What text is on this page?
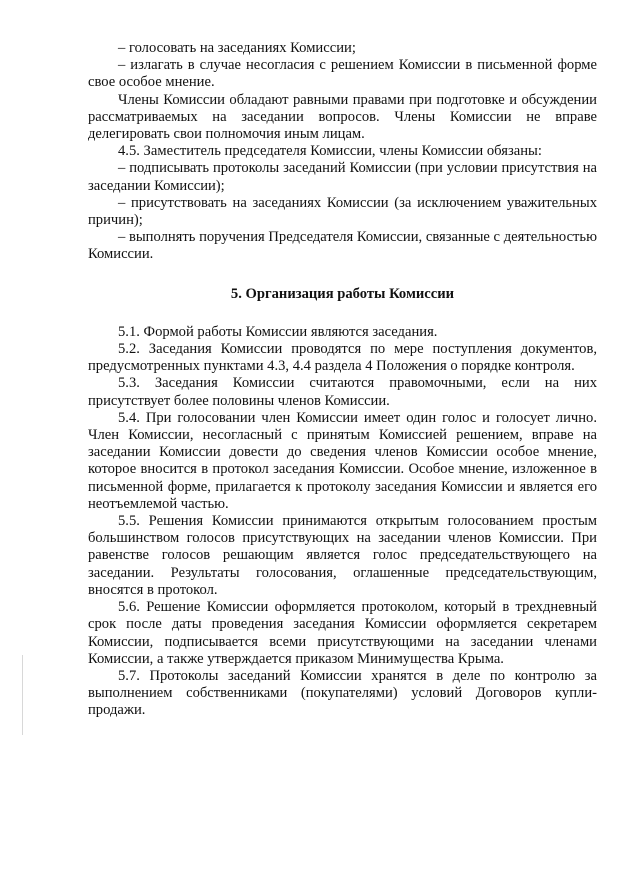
– голосовать на заседаниях Комиссии;

– излагать в случае несогласия с решением Комиссии в письменной форме свое особое мнение.

Члены Комиссии обладают равными правами при подготовке и обсуждении рассматриваемых на заседании вопросов. Члены Комиссии не вправе делегировать свои полномочия иным лицам.

4.5. Заместитель председателя Комиссии, члены Комиссии обязаны:

– подписывать протоколы заседаний Комиссии (при условии присутствия на заседании Комиссии);

– присутствовать на заседаниях Комиссии (за исключением уважительных причин);

– выполнять поручения Председателя Комиссии, связанные с деятельностью Комиссии.

5. Организация работы Комиссии

5.1. Формой работы Комиссии являются заседания.

5.2. Заседания Комиссии проводятся по мере поступления документов, предусмотренных пунктами 4.3, 4.4 раздела 4 Положения о порядке контроля.

5.3. Заседания Комиссии считаются правомочными, если на них присутствует более половины членов Комиссии.

5.4. При голосовании член Комиссии имеет один голос и голосует лично. Член Комиссии, несогласный с принятым Комиссией решением, вправе на заседании Комиссии довести до сведения членов Комиссии особое мнение, которое вносится в протокол заседания Комиссии. Особое мнение, изложенное в письменной форме, прилагается к протоколу заседания Комиссии и является его неотъемлемой частью.

5.5. Решения Комиссии принимаются открытым голосованием простым большинством голосов присутствующих на заседании членов Комиссии. При равенстве голосов решающим является голос председательствующего на заседании. Результаты голосования, оглашенные председательствующим, вносятся в протокол.

5.6. Решение Комиссии оформляется протоколом, который в трехдневный срок после даты проведения заседания Комиссии оформляется секретарем Комиссии, подписывается всеми присутствующими на заседании членами Комиссии, а также утверждается приказом Минимущества Крыма.

5.7. Протоколы заседаний Комиссии хранятся в деле по контролю за выполнением собственниками (покупателями) условий Договоров купли-продажи.
